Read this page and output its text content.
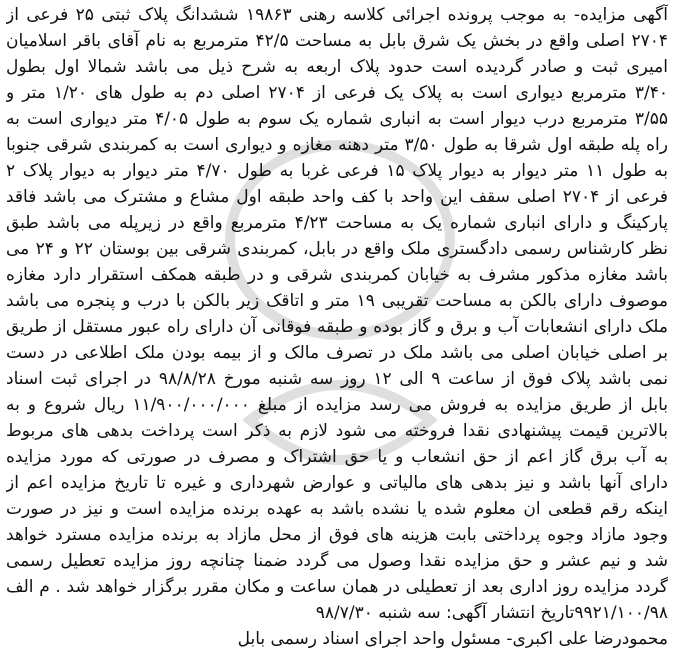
آگهی مزایده- به موجب پرونده اجرائی کلاسه رهنی ۱۹۸۶۳ ششدانگ پلاک ثبتی ۲۵ فرعی از
۲۷۰۴ اصلی واقع در بخش یک شرق بابل به مساحت ۴۲/۵ مترمربع به نام آقای باقر اسلامیان
امیری ثبت و صادر گردیده است حدود پلاک اربعه به شرح ذیل می باشد شمالا اول بطول
۳/۴۰ مترمربع دیواری است به پلاک یک فرعی از ۲۷۰۴ اصلی دم به طول های ۱/۲۰ متر و
۳/۵۵ مترمربع درب دیوار است به انباری شماره یک سوم به طول ۴/۰۵ متر دیواری است به
راه پله طبقه اول شرقا به طول ۳/۵۰ متر دهنه مغازه و دیواری است به کمربندی شرقی جنوبا
به طول ۱۱ متر دیوار به دیوار پلاک ۱۵ فرعی غربا به طول ۴/۷۰ متر دیوار به دیوار پلاک ۲
فرعی از ۲۷۰۴ اصلی سقف این واحد با کف واحد طبقه اول مشاع و مشترک می باشد فاقد
پارکینگ و دارای انباری شماره یک به مساحت ۴/۲۳ مترمربع واقع در زیرپله می باشد طبق
نظر کارشناس رسمی دادگستری ملک واقع در بابل، کمربندی شرقی بین بوستان ۲۲ و ۲۴ می
باشد مغازه مذکور مشرف به خیابان کمربندی شرقی و در طبقه همکف استقرار دارد مغازه
موصوف دارای بالکن به مساحت تقریبی ۱۹ متر و اتاقک زیر بالکن با درب و پنجره می باشد
ملک دارای انشعابات آب و برق و گاز بوده و طبقه فوقانی آن دارای راه عبور مستقل از طریق
بر اصلی خیابان اصلی می باشد ملک در تصرف مالک و از بیمه بودن ملک اطلاعی در دست
نمی باشد پلاک فوق از ساعت ۹ الی ۱۲ روز سه شنبه مورخ ۹۸/۸/۲۸ در اجرای ثبت اسناد
بابل از طریق مزایده به فروش می رسد مزایده از مبلغ ۱۱/۹۰۰/۰۰۰/۰۰۰ ریال شروع و به
بالاترین قیمت پیشنهادی نقدا فروخته می شود لازم به ذکر است پرداخت بدهی های مربوط
به آب برق گاز اعم از حق انشعاب و یا حق اشتراک و مصرف در صورتی که مورد مزایده
دارای آنها باشد و نیز بدهی های مالیاتی و عوارض شهرداری و غیره تا تاریخ مزایده اعم از
اینکه رقم قطعی ان معلوم شده یا نشده باشد به عهده برنده مزایده است و نیز در صورت
وجود مازاد وجوه پرداختی بابت هزینه های فوق از محل مازاد به برنده مزایده مسترد خواهد
شد و نیم عشر و حق مزایده نقدا وصول می گردد ضمنا چنانچه روز مزایده تعطیل رسمی
گردد مزایده روز اداری بعد از تعطیلی در همان ساعت و مکان مقرر برگزار خواهد شد . م الف
۹۹۲۱/۱۰۰/۹۸تاریخ انتشار آگهی: سه شنبه ۹۸/۷/۳۰
محمودرضا علی اکبری- مسئول واحد اجرای اسناد رسمی بابل
